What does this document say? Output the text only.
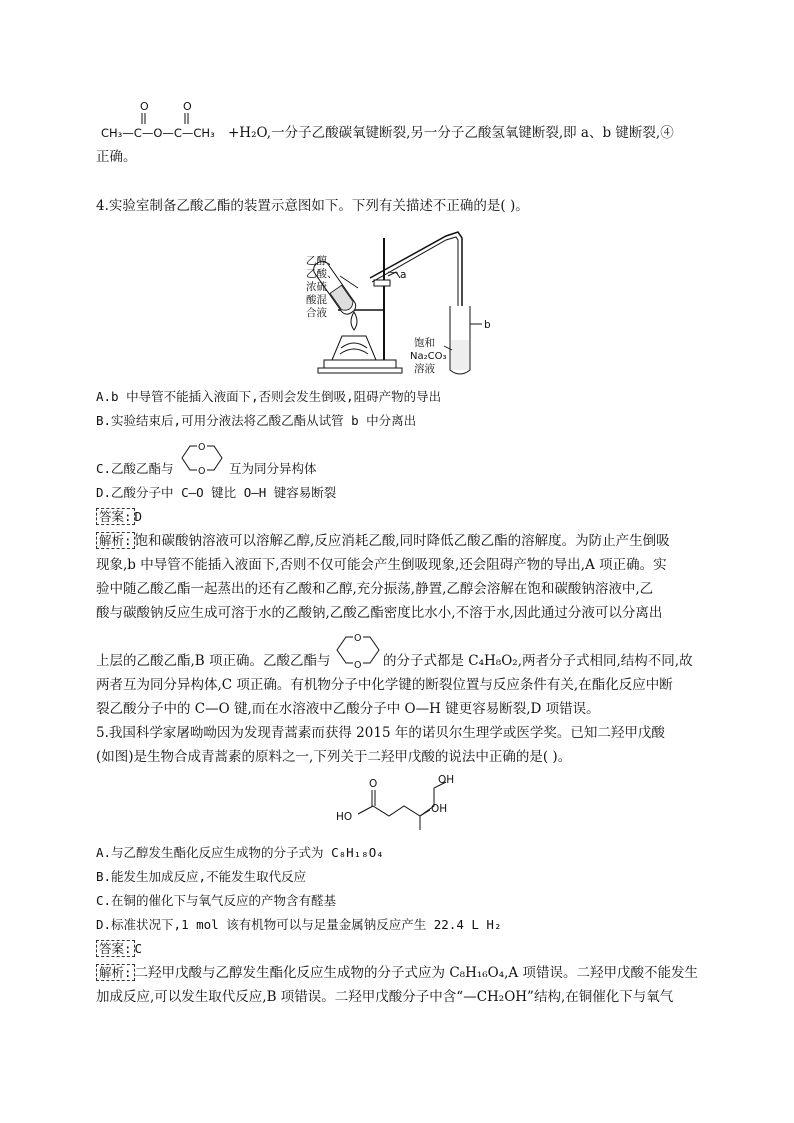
O	O
CH₃—C—O—C—CH₃ +H₂O,一分子乙酸碳氧键断裂,另一分子乙酸氢氧键断裂,即 a、b 键断裂,④
正确。
4.实验室制备乙酸乙酯的装置示意图如下。下列有关描述不正确的是( )。
乙醇、
乙酸、
浓硫
酸混
合液
a
b
饱和
Na₂CO₃
溶液
A.b 中导管不能插入液面下,否则会发生倒吸,阻碍产物的导出
B.实验结束后,可用分液法将乙酸乙酯从试管 b 中分离出
C.乙酸乙酯与
O
O 互为同分异构体
D.乙酸分子中 C—O 键比 O—H 键容易断裂
答案: D
解析: 饱和碳酸钠溶液可以溶解乙醇,反应消耗乙酸,同时降低乙酸乙酯的溶解度。为防止产生倒吸
现象,b 中导管不能插入液面下,否则不仅可能会产生倒吸现象,还会阻碍产物的导出,A 项正确。实
验中随乙酸乙酯一起蒸出的还有乙酸和乙醇,充分振荡,静置,乙醇会溶解在饱和碳酸钠溶液中,乙
酸与碳酸钠反应生成可溶于水的乙酸钠,乙酸乙酯密度比水小,不溶于水,因此通过分液可以分离出
上层的乙酸乙酯,B 项正确。乙酸乙酯与
O
O 的分子式都是 C₄H₈O₂,两者分子式相同,结构不同,故
两者互为同分异构体,C 项正确。有机物分子中化学键的断裂位置与反应条件有关,在酯化反应中断
裂乙酸分子中的 C—O 键,而在水溶液中乙酸分子中 O—H 键更容易断裂,D 项错误。
5.我国科学家屠呦呦因为发现青蒿素而获得 2015 年的诺贝尔生理学或医学奖。已知二羟甲戊酸
(如图)是生物合成青蒿素的原料之一,下列关于二羟甲戊酸的说法中正确的是( )。
O
HO
OH
OH
A.与乙醇发生酯化反应生成物的分子式为 C₈H₁₈O₄
B.能发生加成反应,不能发生取代反应
C.在铜的催化下与氧气反应的产物含有醛基
D.标准状况下,1 mol 该有机物可以与足量金属钠反应产生 22.4 L H₂
答案: C
解析: 二羟甲戊酸与乙醇发生酯化反应生成物的分子式应为 C₈H₁₆O₄,A 项错误。二羟甲戊酸不能发生
加成反应,可以发生取代反应,B 项错误。二羟甲戊酸分子中含“—CH₂OH”结构,在铜催化下与氧气
